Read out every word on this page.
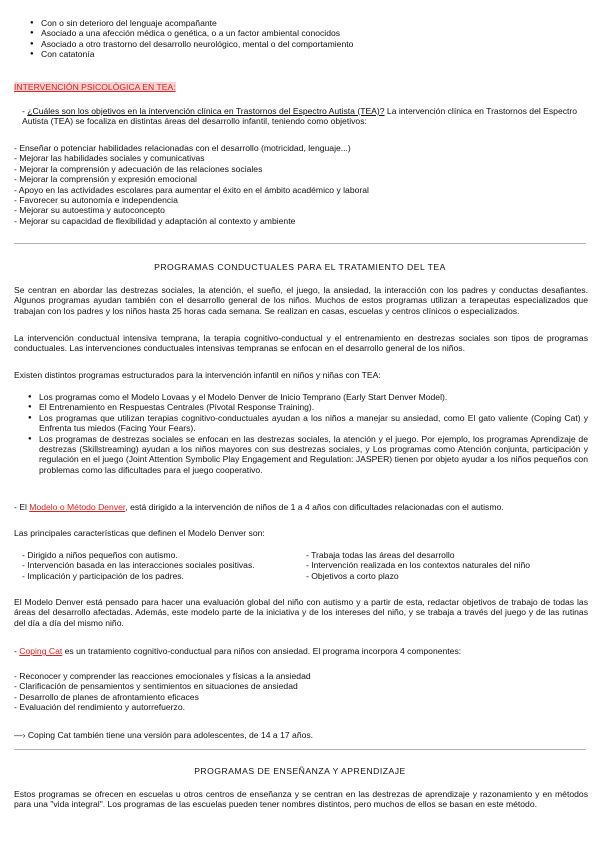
● Con o sin deterioro del lenguaje acompañante
● Asociado a una afección médica o genética, o a un factor ambiental conocidos
● Asociado a otro trastorno del desarrollo neurológico, mental o del comportamiento
● Con catatonía
INTERVENCIÓN PSICOLÓGICA EN TEA:
- ¿Cuáles son los objetivos en la intervención clínica en Trastornos del Espectro Autista (TEA)? La intervención clínica en Trastornos del Espectro Autista (TEA) se focaliza en distintas áreas del desarrollo infantil, teniendo como objetivos:
- Enseñar o potenciar habilidades relacionadas con el desarrollo (motricidad, lenguaje...)
- Mejorar las habilidades sociales y comunicativas
- Mejorar la comprensión y adecuación de las relaciones sociales
- Mejorar la comprensión y expresión emocional
- Apoyo en las actividades escolares para aumentar el éxito en el ámbito académico y laboral
- Favorecer su autonomía e independencia
- Mejorar su autoestima y autoconcepto
- Mejorar su capacidad de flexibilidad y adaptación al contexto y ambiente
PROGRAMAS CONDUCTUALES PARA EL TRATAMIENTO DEL TEA
Se centran en abordar las destrezas sociales, la atención, el sueño, el juego, la ansiedad, la interacción con los padres y conductas desafiantes. Algunos programas ayudan también con el desarrollo general de los niños. Muchos de estos programas utilizan a terapeutas especializados que trabajan con los padres y los niños hasta 25 horas cada semana. Se realizan en casas, escuelas y centros clínicos o especializados.
La intervención conductual intensiva temprana, la terapia cognitivo-conductual y el entrenamiento en destrezas sociales son tipos de programas conductuales. Las intervenciones conductuales intensivas tempranas se enfocan en el desarrollo general de los niños.
Existen distintos programas estructurados para la intervención infantil en niños y niñas con TEA:
● Los programas como el Modelo Lovaas y el Modelo Denver de Inicio Temprano (Early Start Denver Model).
● El Entrenamiento en Respuestas Centrales (Pivotal Response Training).
● Los programas que utilizan terapias cognitivo-conductuales ayudan a los niños a manejar su ansiedad, como El gato valiente (Coping Cat) y Enfrenta tus miedos (Facing Your Fears).
● Los programas de destrezas sociales se enfocan en las destrezas sociales, la atención y el juego. Por ejemplo, los programas Aprendizaje de destrezas (Skillstreaming) ayudan a los niños mayores con sus destrezas sociales, y Los programas como Atención conjunta, participación y regulación en el juego (Joint Attention Symbolic Play Engagement and Regulation: JASPER) tienen por objeto ayudar a los niños pequeños con problemas como las dificultades para el juego cooperativo.
- El Modelo o Método Denver, está dirigido a la intervención de niños de 1 a 4 años con dificultades relacionadas con el autismo.
Las principales características que definen el Modelo Denver son:
- Dirigido a niños pequeños con autismo.
- Intervención basada en las interacciones sociales positivas.
- Implicación y participación de los padres.
- Trabaja todas las áreas del desarrollo
- Intervención realizada en los contextos naturales del niño
- Objetivos a corto plazo
El Modelo Denver está pensado para hacer una evaluación global del niño con autismo y a partir de esta, redactar objetivos de trabajo de todas las áreas del desarrollo afectadas. Además, este modelo parte de la iniciativa y de los intereses del niño, y se trabaja a través del juego y de las rutinas del día a día del mismo niño.
- Coping Cat es un tratamiento cognitivo-conductual para niños con ansiedad. El programa incorpora 4 componentes:
- Reconocer y comprender las reacciones emocionales y físicas a la ansiedad
- Clarificación de pensamientos y sentimientos en situaciones de ansiedad
- Desarrollo de planes de afrontamiento eficaces
- Evaluación del rendimiento y autorrefuerzo.
—› Coping Cat también tiene una versión para adolescentes, de 14 a 17 años.
PROGRAMAS DE ENSEÑANZA Y APRENDIZAJE
Estos programas se ofrecen en escuelas u otros centros de enseñanza y se centran en las destrezas de aprendizaje y razonamiento y en métodos para una "vida integral". Los programas de las escuelas pueden tener nombres distintos, pero muchos de ellos se basan en este método.
